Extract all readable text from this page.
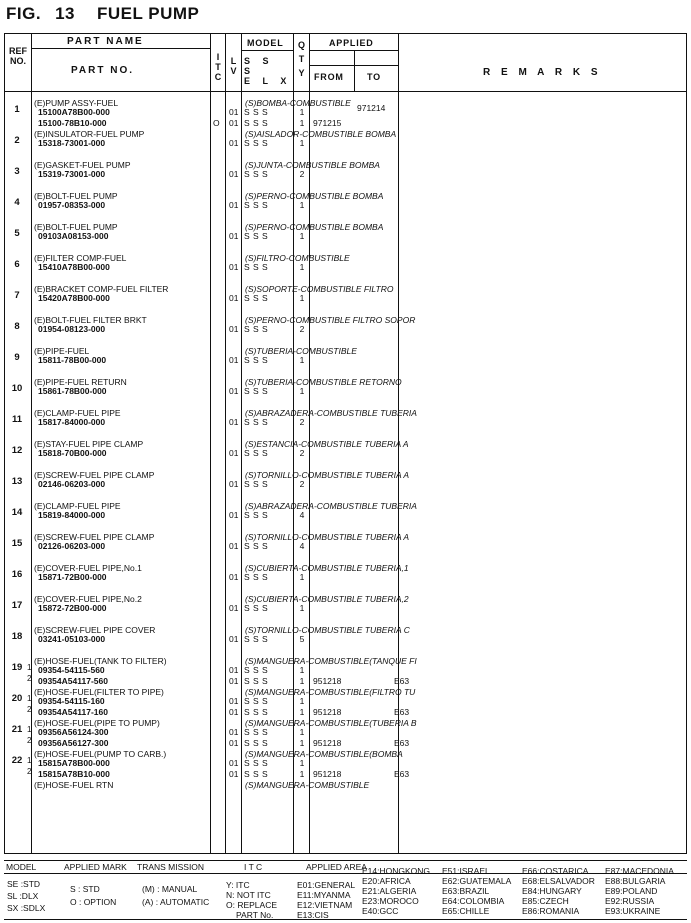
FIG. 13 FUEL PUMP
REF
NO.
PART NAME
PART NO.
I
T
C
L
V
MODEL
S S S
E L X
Q
T
Y
APPLIED
FROM	TO	R E M A R K S
1
(E)PUMP ASSY-FUEL	(S)BOMBA-COMBUSTIBLE
15100A78B00-000	01 S S S	1	971214
15100-78B10-000	O 01 S S S	1	971215
2
(E)INSULATOR-FUEL PUMP	(S)AISLADOR-COMBUSTIBLE BOMBA
15318-73001-000	01 S S S	1
3
(E)GASKET-FUEL PUMP	(S)JUNTA-COMBUSTIBLE BOMBA
15319-73001-000	01 S S S	2
4
(E)BOLT-FUEL PUMP	(S)PERNO-COMBUSTIBLE BOMBA
01957-08353-000	01 S S S	1
5
(E)BOLT-FUEL PUMP	(S)PERNO-COMBUSTIBLE BOMBA
09103A08153-000	01 S S S	1
6
(E)FILTER COMP-FUEL	(S)FILTRO-COMBUSTIBLE
15410A78B00-000	01 S S S	1
7
(E)BRACKET COMP-FUEL FILTER	(S)SOPORTE-COMBUSTIBLE FILTRO
15420A78B00-000	01 S S S	1
8
(E)BOLT-FUEL FILTER BRKT	(S)PERNO-COMBUSTIBLE FILTRO SOPOR
01954-08123-000	01 S S S	2
9
(E)PIPE-FUEL	(S)TUBERIA-COMBUSTIBLE
15811-78B00-000	01 S S S	1
10
(E)PIPE-FUEL RETURN	(S)TUBERIA-COMBUSTIBLE RETORNO
15861-78B00-000	01 S S S	1
11
(E)CLAMP-FUEL PIPE	(S)ABRAZADERA-COMBUSTIBLE TUBERIA
15817-84000-000	01 S S S	2
12
(E)STAY-FUEL PIPE CLAMP	(S)ESTANCIA-COMBUSTIBLE TUBERIA A
15818-70B00-000	01 S S S	2
13
(E)SCREW-FUEL PIPE CLAMP	(S)TORNILLO-COMBUSTIBLE TUBERIA A
02146-06203-000	01 S S S	2
14
(E)CLAMP-FUEL PIPE	(S)ABRAZADERA-COMBUSTIBLE TUBERIA
15819-84000-000	01 S S S	4
15
(E)SCREW-FUEL PIPE CLAMP	(S)TORNILLO-COMBUSTIBLE TUBERIA A
02126-06203-000	01 S S S	4
16
(E)COVER-FUEL PIPE,No.1	(S)CUBIERTA-COMBUSTIBLE TUBERIA,1
15871-72B00-000	01 S S S	1
17
(E)COVER-FUEL PIPE,No.2	(S)CUBIERTA-COMBUSTIBLE TUBERIA,2
15872-72B00-000	01 S S S	1
18
(E)SCREW-FUEL PIPE COVER	(S)TORNILLO-COMBUSTIBLE TUBERIA C
03241-05103-000	01 S S S	5
19
(E)HOSE-FUEL(TANK TO FILTER)	(S)MANGUERA-COMBUSTIBLE(TANQUE FI
1 09354-54115-560	01 S S S	1
2 09354A54117-560	01 S S S	1	951218	E63
20
(E)HOSE-FUEL(FILTER TO PIPE)	(S)MANGUERA-COMBUSTIBLE(FILTRO TU
1 09354-54115-160	01 S S S	1
2 09354A54117-160	01 S S S	1	951218	E63
21
(E)HOSE-FUEL(PIPE TO PUMP)	(S)MANGUERA-COMBUSTIBLE(TUBERIA B
1 09356A56124-300	01 S S S	1
2 09356A56127-300	01 S S S	1	951218	E63
22
(E)HOSE-FUEL(PUMP TO CARB.)	(S)MANGUERA-COMBUSTIBLE(BOMBA
1 15815A78B00-000	01 S S S	1
2 15815A78B10-000	01 S S S	1	951218	E63
(E)HOSE-FUEL RTN	(S)MANGUERA-COMBUSTIBLE
MODEL	APPLIED MARK TRANS MISSION	I T C	APPLIED AREA
SE :STD
SL :DLX
SX :SDLX
S : STD
O : OPTION
(M) : MANUAL
(A) : AUTOMATIC
Y: ITC
N: NOT ITC
O: REPLACE
PART No.
E01:GENERAL
E11:MYANMA
E12:VIETNAM
E13:CIS
E14:HONGKONG
E20:AFRICA
E21:ALGERIA
E23:MOROCO
E40:GCC
E51:ISRAEL
E62:GUATEMALA
E63:BRAZIL
E64:COLOMBIA
E65:CHILLE
E66:COSTARICA
E68:ELSALVADOR
E84:HUNGARY
E85:CZECH
E86:ROMANIA
E87:MACEDONIA
E88:BULGARIA
E89:POLAND
E92:RUSSIA
E93:UKRAINE
